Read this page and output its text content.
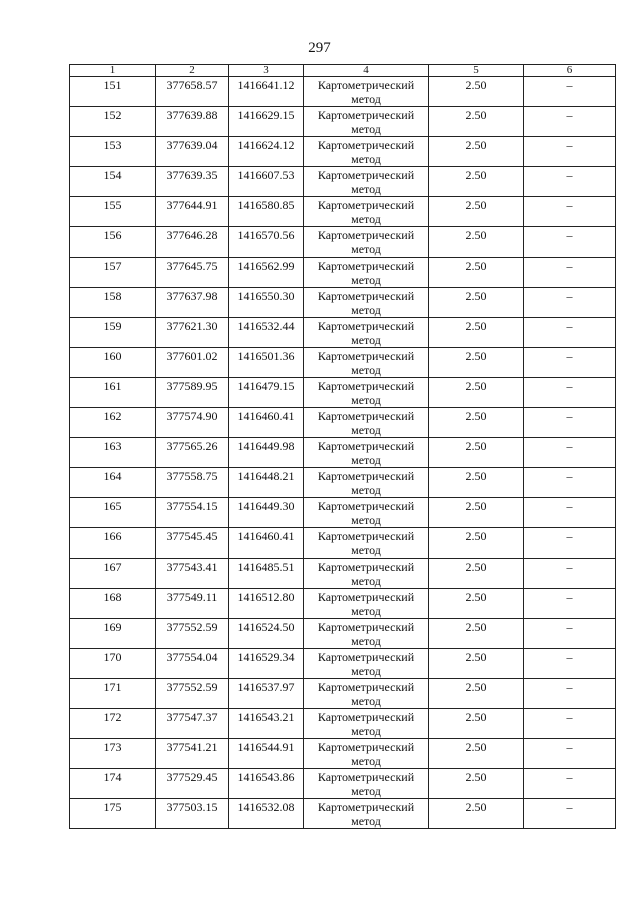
297
1	2	3	4	5	6
151	377658.57	1416641.12	Картометрический метод	2.50	–
152	377639.88	1416629.15	Картометрический метод	2.50	–
153	377639.04	1416624.12	Картометрический метод	2.50	–
154	377639.35	1416607.53	Картометрический метод	2.50	–
155	377644.91	1416580.85	Картометрический метод	2.50	–
156	377646.28	1416570.56	Картометрический метод	2.50	–
157	377645.75	1416562.99	Картометрический метод	2.50	–
158	377637.98	1416550.30	Картометрический метод	2.50	–
159	377621.30	1416532.44	Картометрический метод	2.50	–
160	377601.02	1416501.36	Картометрический метод	2.50	–
161	377589.95	1416479.15	Картометрический метод	2.50	–
162	377574.90	1416460.41	Картометрический метод	2.50	–
163	377565.26	1416449.98	Картометрический метод	2.50	–
164	377558.75	1416448.21	Картометрический метод	2.50	–
165	377554.15	1416449.30	Картометрический метод	2.50	–
166	377545.45	1416460.41	Картометрический метод	2.50	–
167	377543.41	1416485.51	Картометрический метод	2.50	–
168	377549.11	1416512.80	Картометрический метод	2.50	–
169	377552.59	1416524.50	Картометрический метод	2.50	–
170	377554.04	1416529.34	Картометрический метод	2.50	–
171	377552.59	1416537.97	Картометрический метод	2.50	–
172	377547.37	1416543.21	Картометрический метод	2.50	–
173	377541.21	1416544.91	Картометрический метод	2.50	–
174	377529.45	1416543.86	Картометрический метод	2.50	–
175	377503.15	1416532.08	Картометрический метод	2.50	–
